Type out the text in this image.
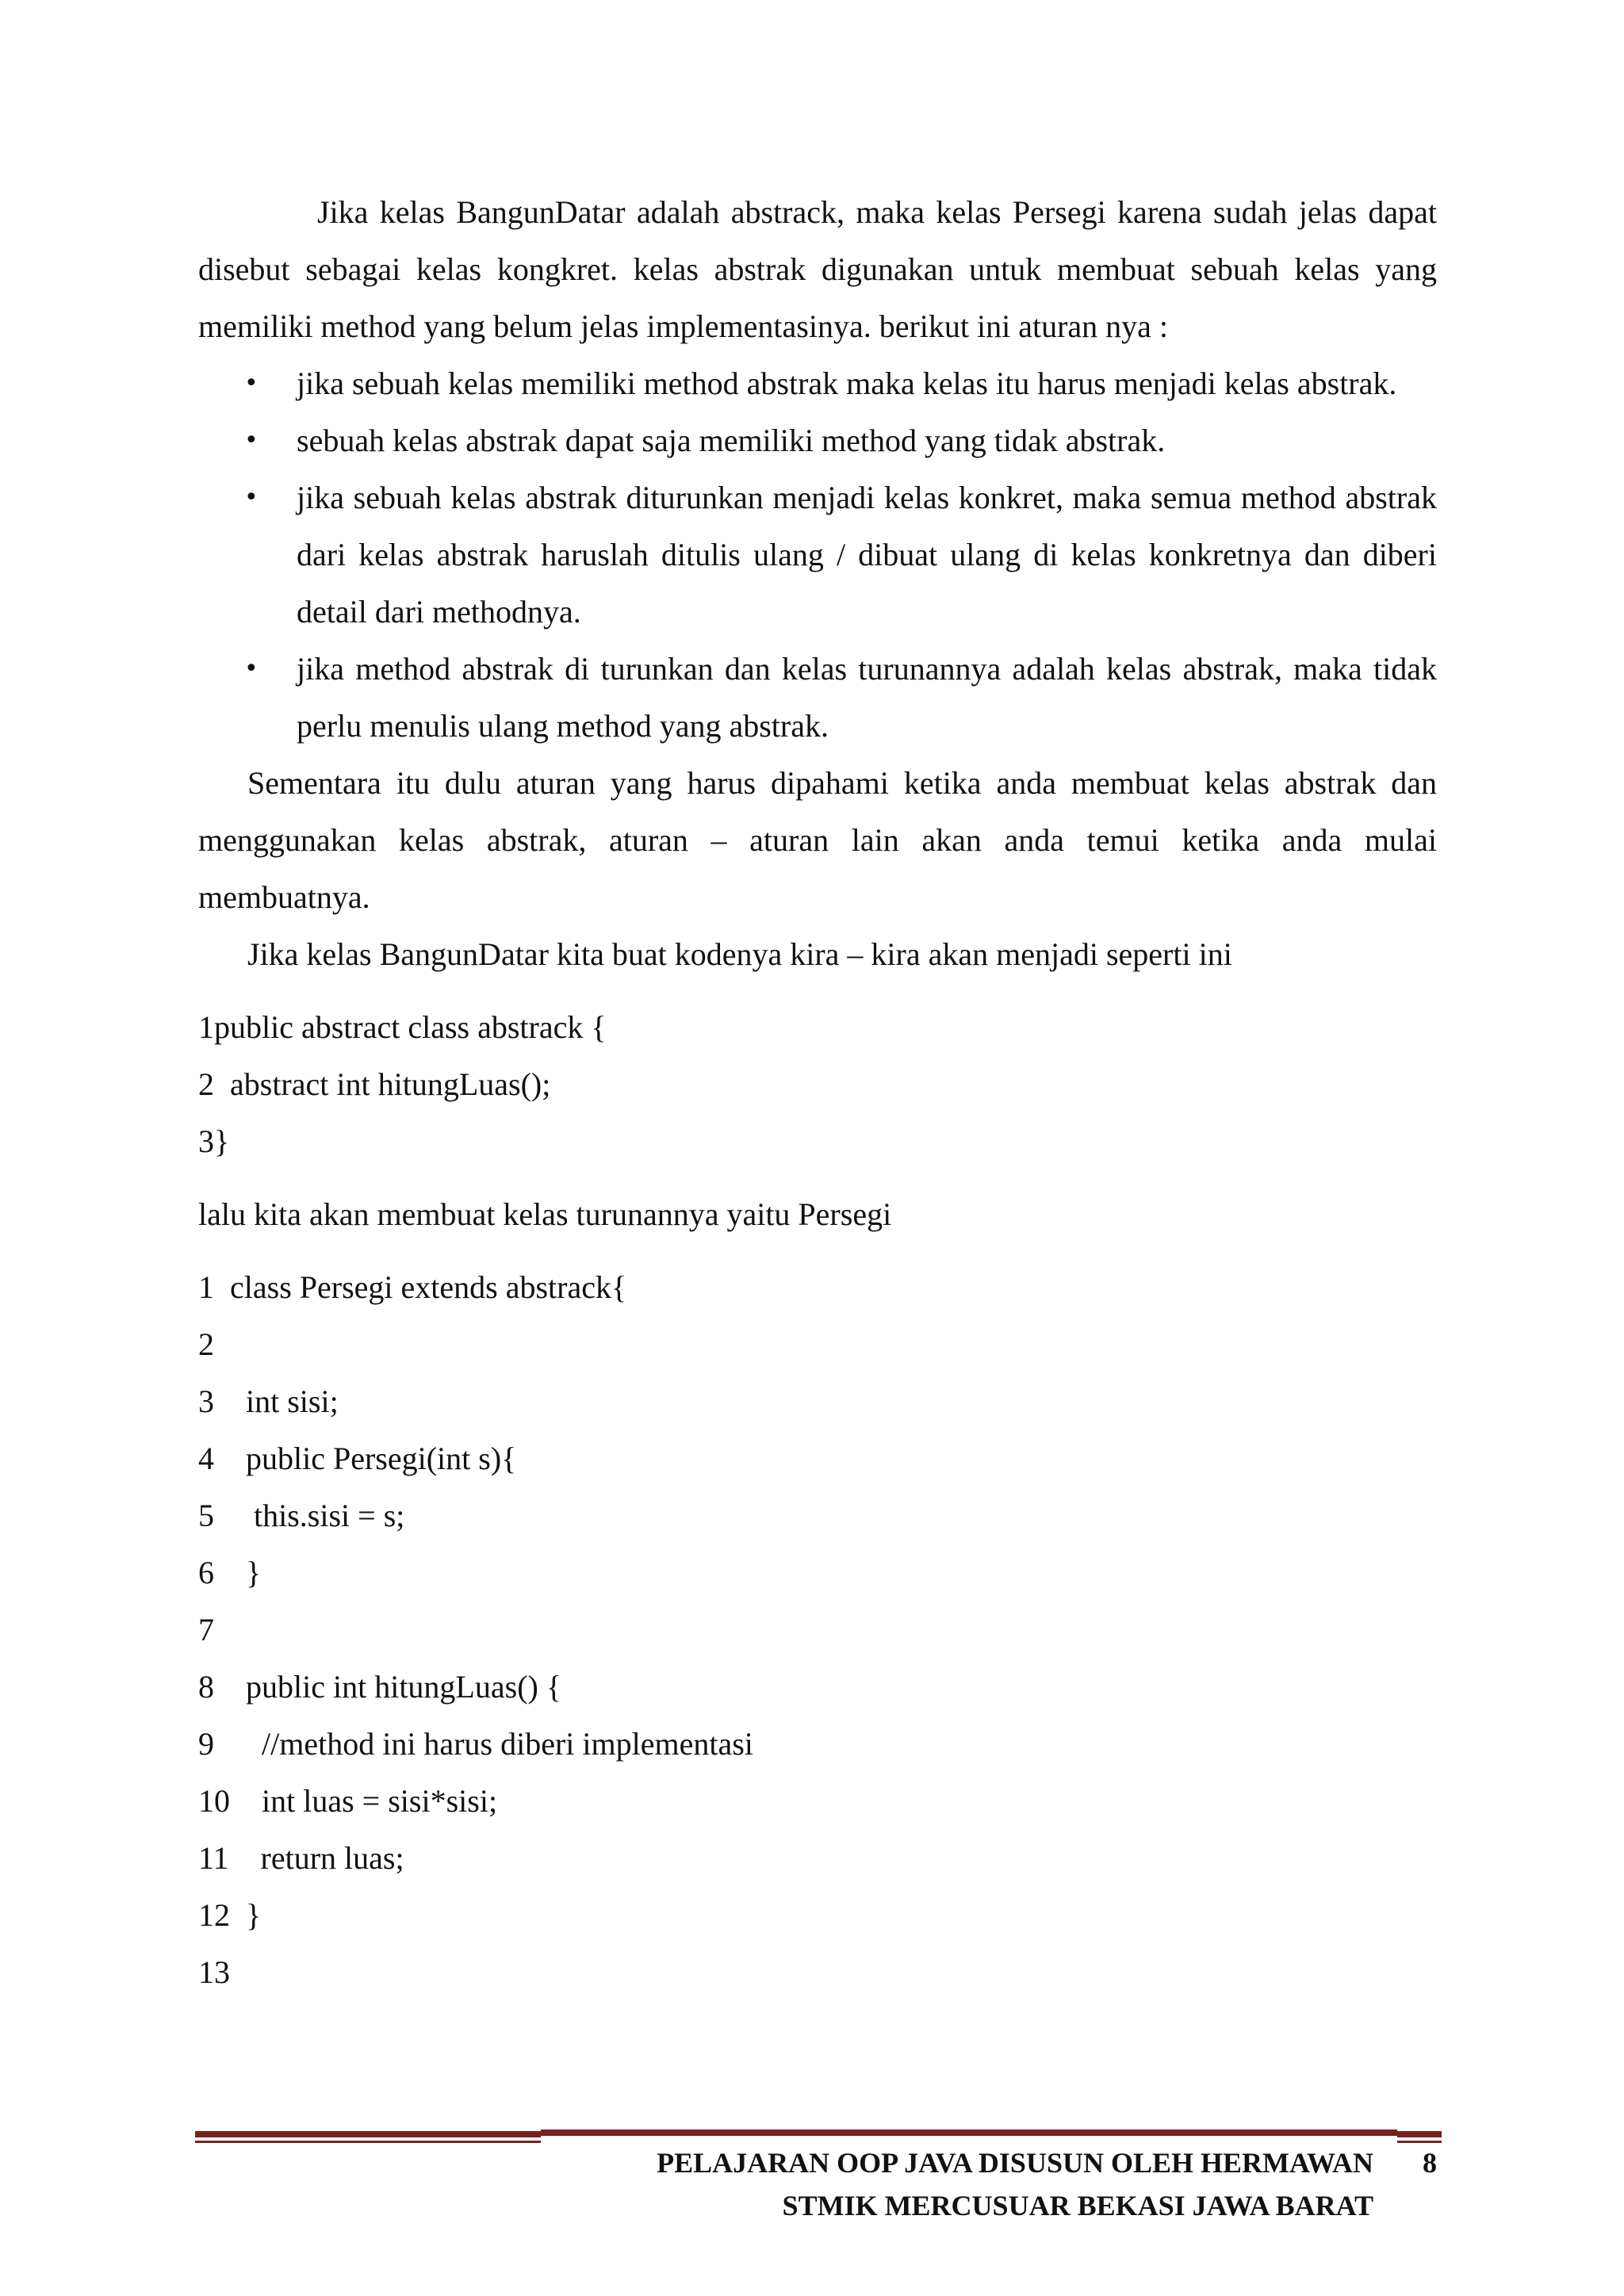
Jika kelas BangunDatar adalah abstrack, maka kelas Persegi karena sudah jelas dapat disebut sebagai kelas kongkret. kelas abstrak digunakan untuk membuat sebuah kelas yang memiliki method yang belum jelas implementasinya. berikut ini aturan nya :

• jika sebuah kelas memiliki method abstrak maka kelas itu harus menjadi kelas abstrak.
• sebuah kelas abstrak dapat saja memiliki method yang tidak abstrak.
• jika sebuah kelas abstrak diturunkan menjadi kelas konkret, maka semua method abstrak dari kelas abstrak haruslah ditulis ulang / dibuat ulang di kelas konkretnya dan diberi detail dari methodnya.
• jika method abstrak di turunkan dan kelas turunannya adalah kelas abstrak, maka tidak perlu menulis ulang method yang abstrak.

Sementara itu dulu aturan yang harus dipahami ketika anda membuat kelas abstrak dan menggunakan kelas abstrak, aturan – aturan lain akan anda temui ketika anda mulai membuatnya.

Jika kelas BangunDatar kita buat kodenya kira – kira akan menjadi seperti ini

1public abstract class abstrack {
2  abstract int hitungLuas();
3}

lalu kita akan membuat kelas turunannya yaitu Persegi

1  class Persegi extends abstrack{
2
3    int sisi;
4    public Persegi(int s){
5     this.sisi = s;
6    }
7
8    public int hitungLuas() {
9      //method ini harus diberi implementasi
10    int luas = sisi*sisi;
11    return luas;
12  }
13
PELAJARAN OOP JAVA DISUSUN OLEH HERMAWAN
STMIK MERCUSUAR BEKASI JAWA BARAT
8
